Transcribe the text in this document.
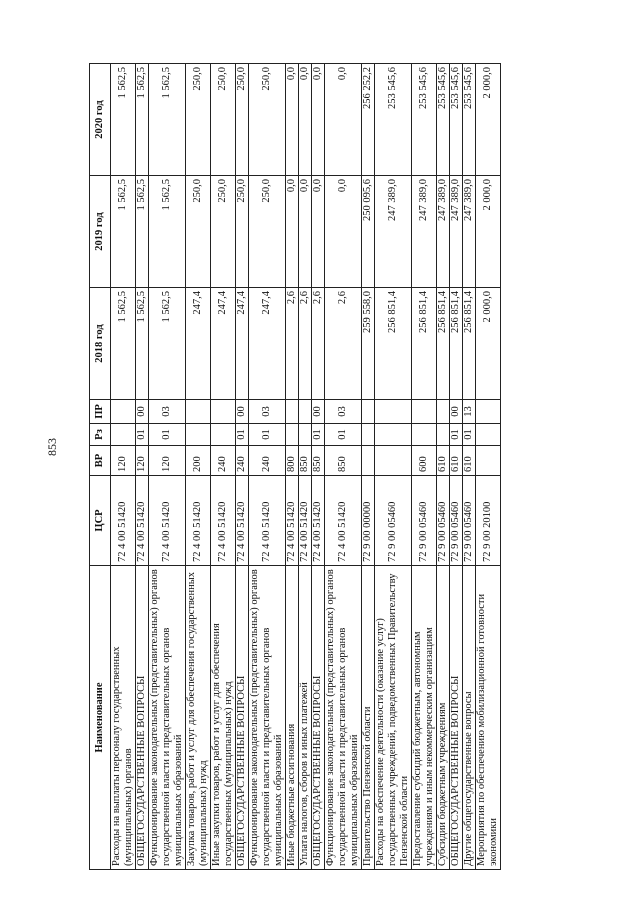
853
Наименование	ЦСР	ВР	Рз	ПР	2018 год	2019 год	2020 год
Расходы на выплаты персоналу государственных (муниципальных) органов	72 4 00 51420	120			1 562,5	1 562,5	1 562,5
ОБЩЕГОСУДАРСТВЕННЫЕ ВОПРОСЫ	72 4 00 51420	120	01	00	1 562,5	1 562,5	1 562,5
Функционирование законодательных (представительных) органов государственной власти и представительных органов муниципальных образований	72 4 00 51420	120	01	03	1 562,5	1 562,5	1 562,5
Закупка товаров, работ и услуг для обеспечения государственных (муниципальных) нужд	72 4 00 51420	200			247,4	250,0	250,0
Иные закупки товаров, работ и услуг для обеспечения государственных (муниципальных) нужд	72 4 00 51420	240			247,4	250,0	250,0
ОБЩЕГОСУДАРСТВЕННЫЕ ВОПРОСЫ	72 4 00 51420	240	01	00	247,4	250,0	250,0
Функционирование законодательных (представительных) органов государственной власти и представительных органов муниципальных образований	72 4 00 51420	240	01	03	247,4	250,0	250,0
Иные бюджетные ассигнования	72 4 00 51420	800			2,6	0,0	0,0
Уплата налогов, сборов и иных платежей	72 4 00 51420	850			2,6	0,0	0,0
ОБЩЕГОСУДАРСТВЕННЫЕ ВОПРОСЫ	72 4 00 51420	850	01	00	2,6	0,0	0,0
Функционирование законодательных (представительных) органов государственной власти и представительных органов муниципальных образований	72 4 00 51420	850	01	03	2,6	0,0	0,0
Правительство Пензенской области	72 9 00 00000				259 558,0	250 095,6	256 252,2
Расходы на обеспечение деятельности (оказание услуг) государственных учреждений, подведомственных Правительству Пензенской области	72 9 00 05460				256 851,4	247 389,0	253 545,6
Предоставление субсидий бюджетным, автономным учреждениям и иным некоммерческим организациям	72 9 00 05460	600			256 851,4	247 389,0	253 545,6
Субсидии бюджетным учреждениям	72 9 00 05460	610			256 851,4	247 389,0	253 545,6
ОБЩЕГОСУДАРСТВЕННЫЕ ВОПРОСЫ	72 9 00 05460	610	01	00	256 851,4	247 389,0	253 545,6
Другие общегосударственные вопросы	72 9 00 05460	610	01	13	256 851,4	247 389,0	253 545,6
Мероприятия по обеспечению мобилизационной готовности экономики	72 9 00 20100				2 000,0	2 000,0	2 000,0
